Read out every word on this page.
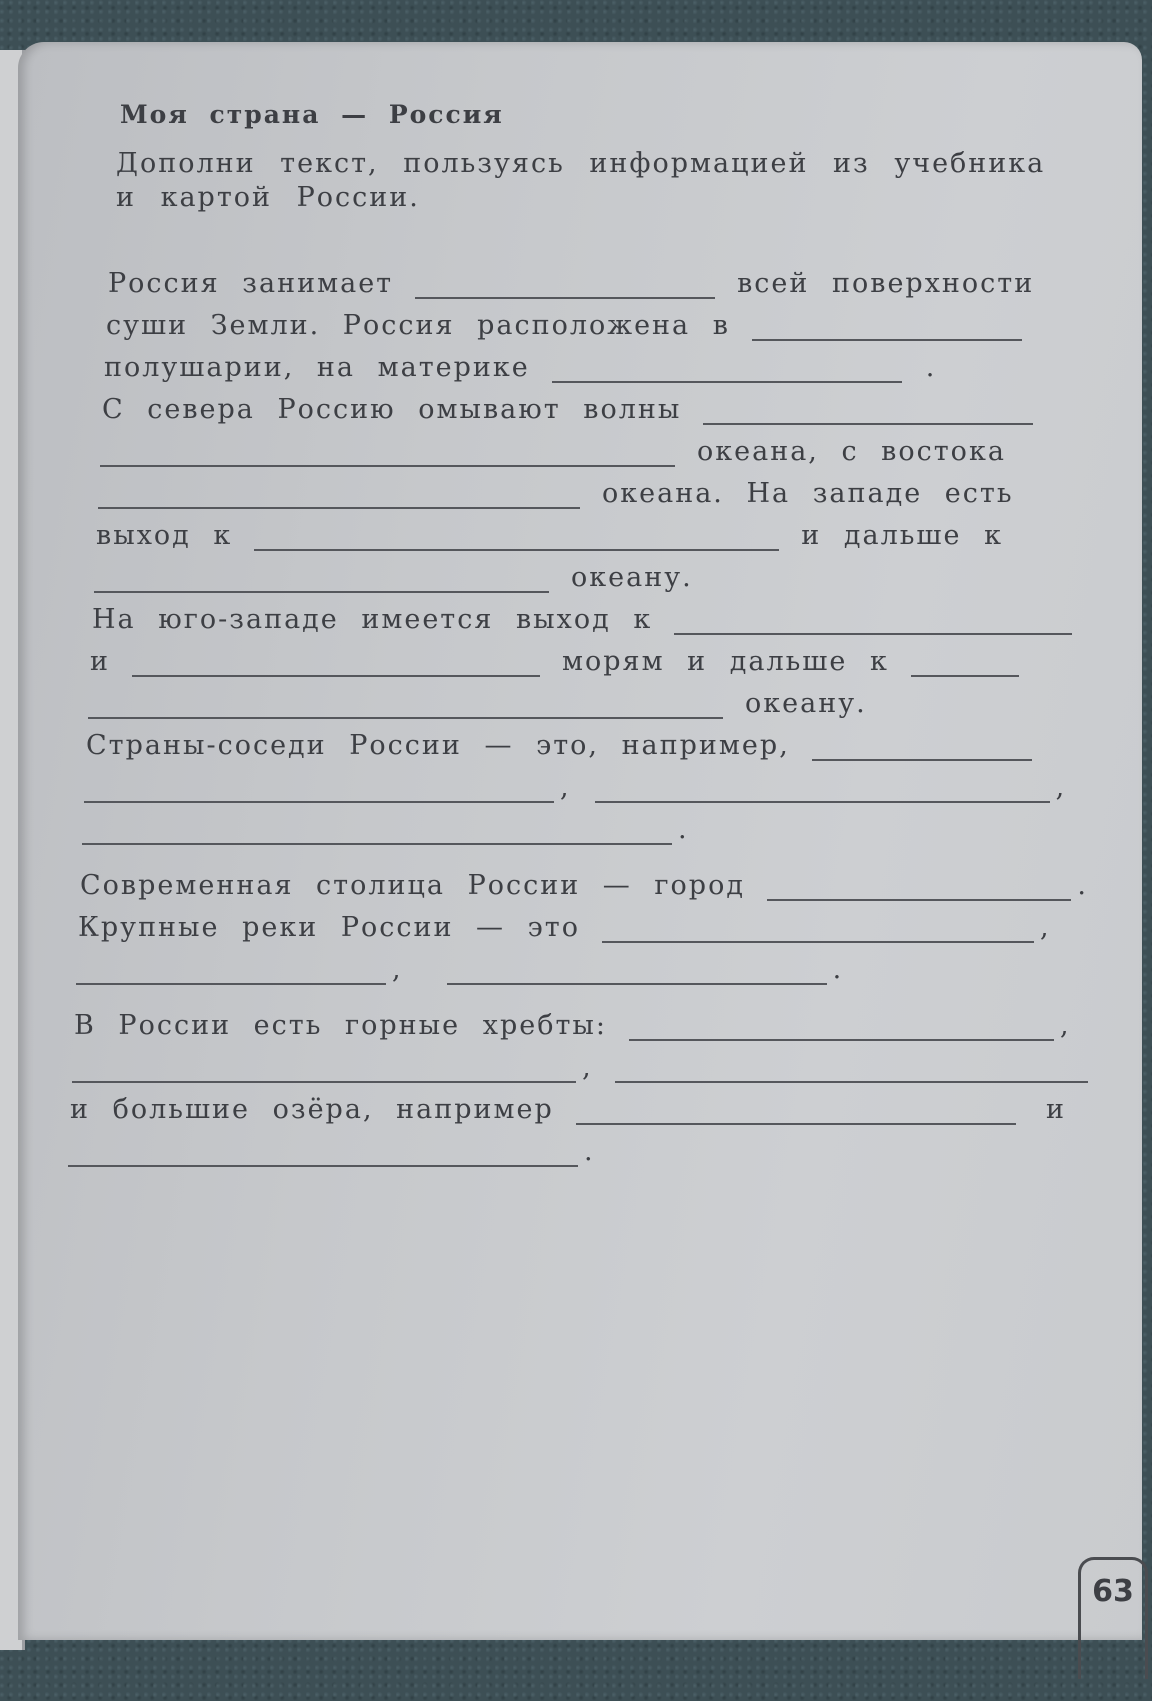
Моя страна — Россия
Дополни текст, пользуясь информацией из учебника и картой России.
Россия занимает	всей поверхности
суши Земли. Россия расположена в
полушарии, на материке	.
С севера Россию омывают волны
океана, с востока
океана. На западе есть
выход к	и дальше к
океану.
На юго-западе имеется выход к
и	морям и дальше к
океану.
Страны-соседи России — это, например,
,	,
.
Современная столица России — город	.
Крупные реки России — это	,
,	.
В России есть горные хребты:	,
,
и большие озёра, например	и
.
63
